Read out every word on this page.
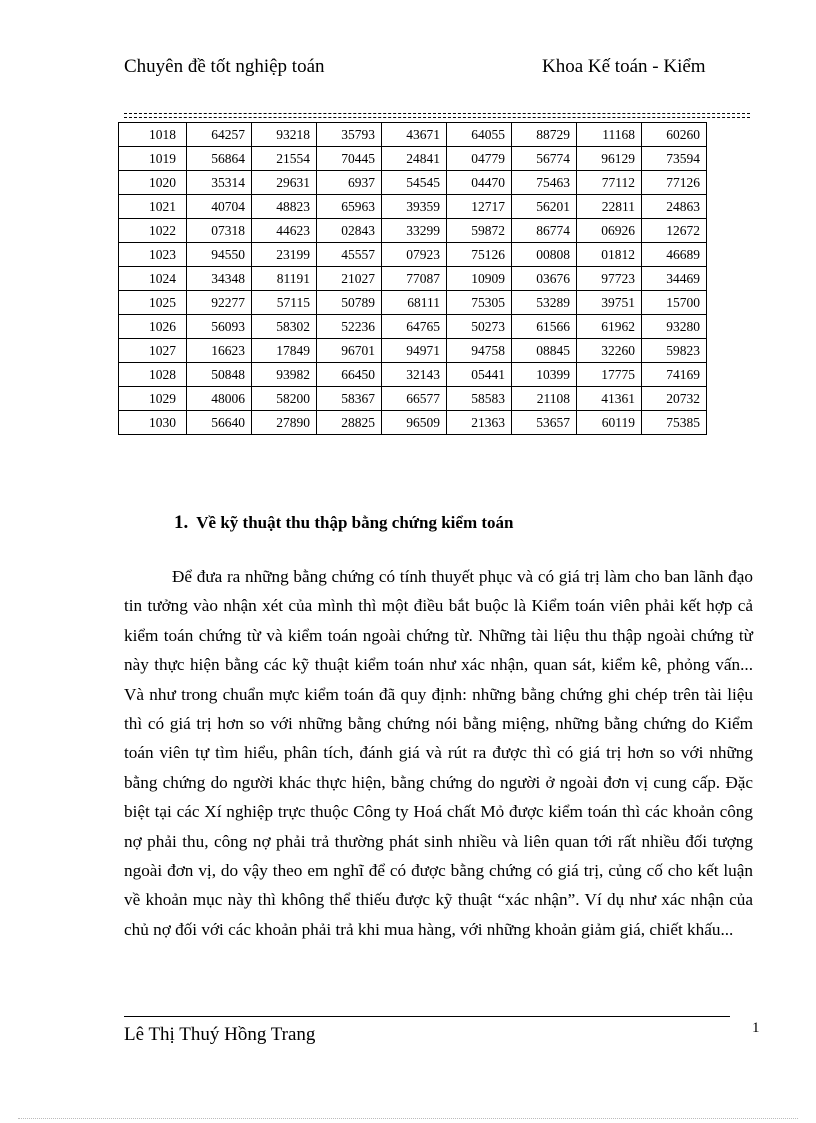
Chuyên đề tốt nghiệp toán	Khoa Kế toán - Kiểm
1018	64257	93218	35793	43671	64055	88729	11168	60260
1019	56864	21554	70445	24841	04779	56774	96129	73594
1020	35314	29631	6937	54545	04470	75463	77112	77126
1021	40704	48823	65963	39359	12717	56201	22811	24863
1022	07318	44623	02843	33299	59872	86774	06926	12672
1023	94550	23199	45557	07923	75126	00808	01812	46689
1024	34348	81191	21027	77087	10909	03676	97723	34469
1025	92277	57115	50789	68111	75305	53289	39751	15700
1026	56093	58302	52236	64765	50273	61566	61962	93280
1027	16623	17849	96701	94971	94758	08845	32260	59823
1028	50848	93982	66450	32143	05441	10399	17775	74169
1029	48006	58200	58367	66577	58583	21108	41361	20732
1030	56640	27890	28825	96509	21363	53657	60119	75385
1. Về kỹ thuật thu thập bằng chứng kiểm toán

Để đưa ra những bằng chứng có tính thuyết phục và có giá trị làm cho ban lãnh đạo tin tưởng vào nhận xét của mình thì một điều bắt buộc là Kiểm toán viên phải kết hợp cả kiểm toán chứng từ và kiểm toán ngoài chứng từ. Những tài liệu thu thập ngoài chứng từ này thực hiện bằng các kỹ thuật kiểm toán như xác nhận, quan sát, kiểm kê, phỏng vấn... Và như trong chuẩn mực kiểm toán đã quy định: những bằng chứng ghi chép trên tài liệu thì có giá trị hơn so với những bằng chứng nói bằng miệng, những bằng chứng do Kiểm toán viên tự tìm hiểu, phân tích, đánh giá và rút ra được thì có giá trị hơn so với những bằng chứng do người khác thực hiện, bằng chứng do người ở ngoài đơn vị cung cấp. Đặc biệt tại các Xí nghiệp trực thuộc Công ty Hoá chất Mỏ được kiểm toán thì các khoản công nợ phải thu, công nợ phải trả thường phát sinh nhiều và liên quan tới rất nhiều đối tượng ngoài đơn vị, do vậy theo em nghĩ để có được bằng chứng có giá trị, củng cố cho kết luận về khoản mục này thì không thể thiếu được kỹ thuật “xác nhận”. Ví dụ như xác nhận của chủ nợ đối với các khoản phải trả khi mua hàng, với những khoản giảm giá, chiết khấu...

Lê Thị Thuý Hồng Trang	1
